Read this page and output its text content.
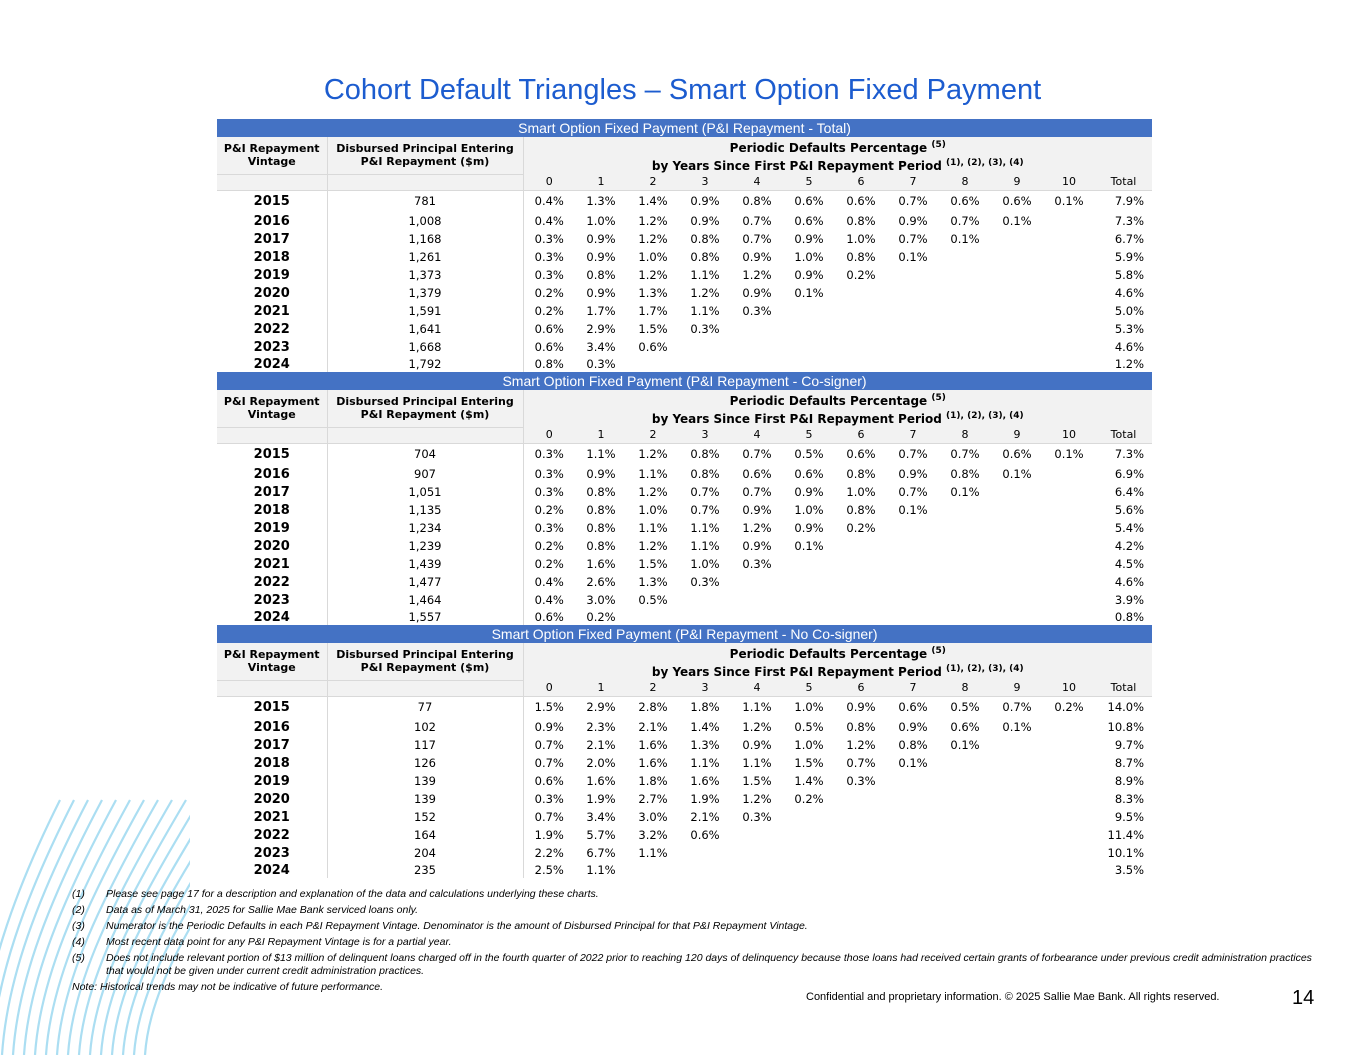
Cohort Default Triangles – Smart Option Fixed Payment
Smart Option Fixed Payment (P&I Repayment - Total)													
P&I Repayment Vintage	Disbursed Principal Entering P&I Repayment ($m)	Periodic Defaults Percentage $^{(5)}$
		by Years Since First P&I Repayment Period $^{(1), (2), (3), (4)}$
		0	1	2	3	4	5	6	7	8	9	10	Total
2015	781	0.4%	1.3%	1.4%	0.9%	0.8%	0.6%	0.6%	0.7%	0.6%	0.6%	0.1%	7.9%
2016	1,008	0.4%	1.0%	1.2%	0.9%	0.7%	0.6%	0.8%	0.9%	0.7%	0.1%		7.3%
2017	1,168	0.3%	0.9%	1.2%	0.8%	0.7%	0.9%	1.0%	0.7%	0.1%			6.7%
2018	1,261	0.3%	0.9%	1.0%	0.8%	0.9%	1.0%	0.8%	0.1%				5.9%
2019	1,373	0.3%	0.8%	1.2%	1.1%	1.2%	0.9%	0.2%					5.8%
2020	1,379	0.2%	0.9%	1.3%	1.2%	0.9%	0.1%						4.6%
2021	1,591	0.2%	1.7%	1.7%	1.1%	0.3%							5.0%
2022	1,641	0.6%	2.9%	1.5%	0.3%								5.3%
2023	1,668	0.6%	3.4%	0.6%									4.6%
2024	1,792	0.8%	0.3%										1.2%
Smart Option Fixed Payment (P&I Repayment - Co-signer)													
P&I Repayment Vintage	Disbursed Principal Entering P&I Repayment ($m)	Periodic Defaults Percentage $^{(5)}$
		by Years Since First P&I Repayment Period $^{(1), (2), (3), (4)}$
		0	1	2	3	4	5	6	7	8	9	10	Total
2015	704	0.3%	1.1%	1.2%	0.8%	0.7%	0.5%	0.6%	0.7%	0.7%	0.6%	0.1%	7.3%
2016	907	0.3%	0.9%	1.1%	0.8%	0.6%	0.6%	0.8%	0.9%	0.8%	0.1%		6.9%
2017	1,051	0.3%	0.8%	1.2%	0.7%	0.7%	0.9%	1.0%	0.7%	0.1%			6.4%
2018	1,135	0.2%	0.8%	1.0%	0.7%	0.9%	1.0%	0.8%	0.1%				5.6%
2019	1,234	0.3%	0.8%	1.1%	1.1%	1.2%	0.9%	0.2%					5.4%
2020	1,239	0.2%	0.8%	1.2%	1.1%	0.9%	0.1%						4.2%
2021	1,439	0.2%	1.6%	1.5%	1.0%	0.3%							4.5%
2022	1,477	0.4%	2.6%	1.3%	0.3%								4.6%
2023	1,464	0.4%	3.0%	0.5%									3.9%
2024	1,557	0.6%	0.2%										0.8%
Smart Option Fixed Payment (P&I Repayment - No Co-signer)													
P&I Repayment Vintage	Disbursed Principal Entering P&I Repayment ($m)	Periodic Defaults Percentage $^{(5)}$
		by Years Since First P&I Repayment Period $^{(1), (2), (3), (4)}$
		0	1	2	3	4	5	6	7	8	9	10	Total
2015	77	1.5%	2.9%	2.8%	1.8%	1.1%	1.0%	0.9%	0.6%	0.5%	0.7%	0.2%	14.0%
2016	102	0.9%	2.3%	2.1%	1.4%	1.2%	0.5%	0.8%	0.9%	0.6%	0.1%		10.8%
2017	117	0.7%	2.1%	1.6%	1.3%	0.9%	1.0%	1.2%	0.8%	0.1%			9.7%
2018	126	0.7%	2.0%	1.6%	1.1%	1.1%	1.5%	0.7%	0.1%				8.7%
2019	139	0.6%	1.6%	1.8%	1.6%	1.5%	1.4%	0.3%					8.9%
2020	139	0.3%	1.9%	2.7%	1.9%	1.2%	0.2%						8.3%
2021	152	0.7%	3.4%	3.0%	2.1%	0.3%							9.5%
2022	164	1.9%	5.7%	3.2%	0.6%								11.4%
2023	204	2.2%	6.7%	1.1%									10.1%
2024	235	2.5%	1.1%										3.5%
(1)	Please see page 17 for a description and explanation of the data and calculations underlying these charts.
(2)	Data as of March 31, 2025 for Sallie Mae Bank serviced loans only.
(3)	Numerator is the Periodic Defaults in each P&I Repayment Vintage. Denominator is the amount of Disbursed Principal for that P&I Repayment Vintage.
(4)	Most recent data point for any P&I Repayment Vintage is for a partial year.
(5)	Does not include relevant portion of $13 million of delinquent loans charged off in the fourth quarter of 2022 prior to reaching 120 days of delinquency because those loans had received certain grants of forbearance under previous credit administration practices that would not be given under current credit administration practices.
Note: Historical trends may not be indicative of future performance.
Confidential and proprietary information. © 2025 Sallie Mae Bank. All rights reserved.	14
